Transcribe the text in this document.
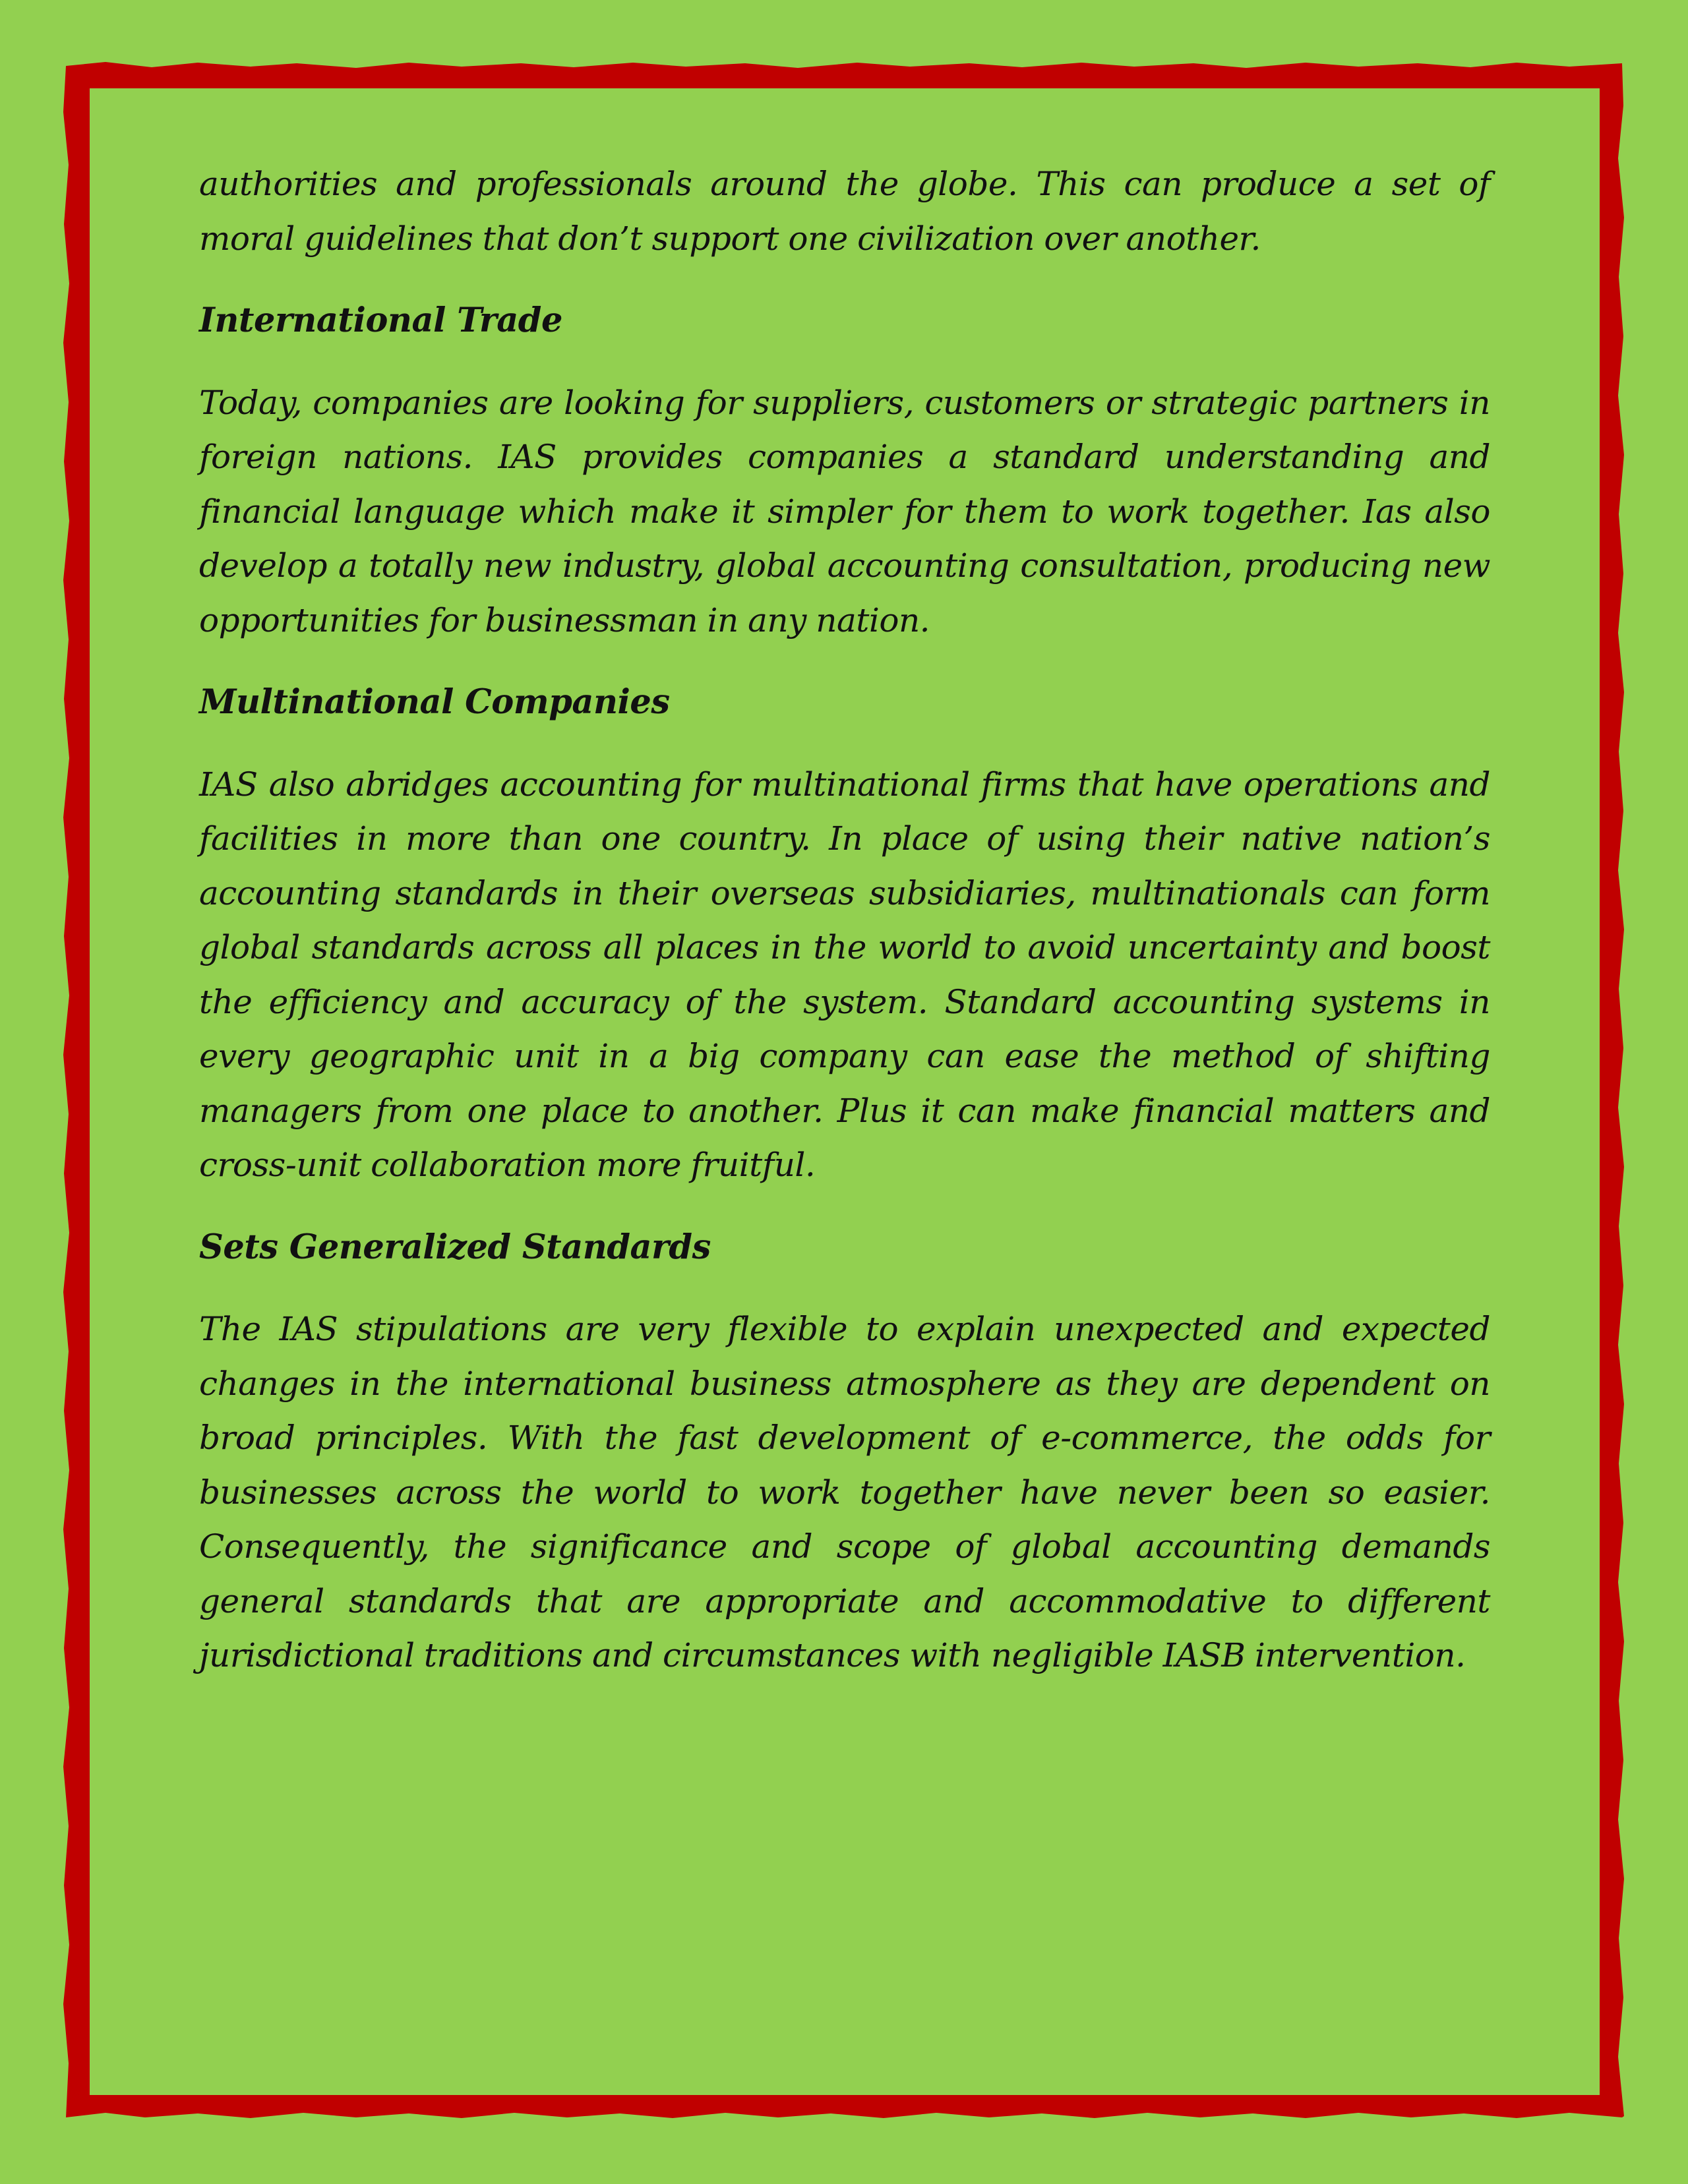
authorities and professionals around the globe. This can produce a set of moral guidelines that don’t support one civilization over another.

International Trade

Today, companies are looking for suppliers, customers or strategic partners in foreign nations. IAS provides companies a standard understanding and financial language which make it simpler for them to work together. Ias also develop a totally new industry, global accounting consultation, producing new opportunities for businessman in any nation.

Multinational Companies

IAS also abridges accounting for multinational firms that have operations and facilities in more than one country. In place of using their native nation’s accounting standards in their overseas subsidiaries, multinationals can form global standards across all places in the world to avoid uncertainty and boost the efficiency and accuracy of the system. Standard accounting systems in every geographic unit in a big company can ease the method of shifting managers from one place to another. Plus it can make financial matters and cross-unit collaboration more fruitful.

Sets Generalized Standards

The IAS stipulations are very flexible to explain unexpected and expected changes in the international business atmosphere as they are dependent on broad principles. With the fast development of e-commerce, the odds for businesses across the world to work together have never been so easier. Consequently, the significance and scope of global accounting demands general standards that are appropriate and accommodative to different jurisdictional traditions and circumstances with negligible IASB intervention.
